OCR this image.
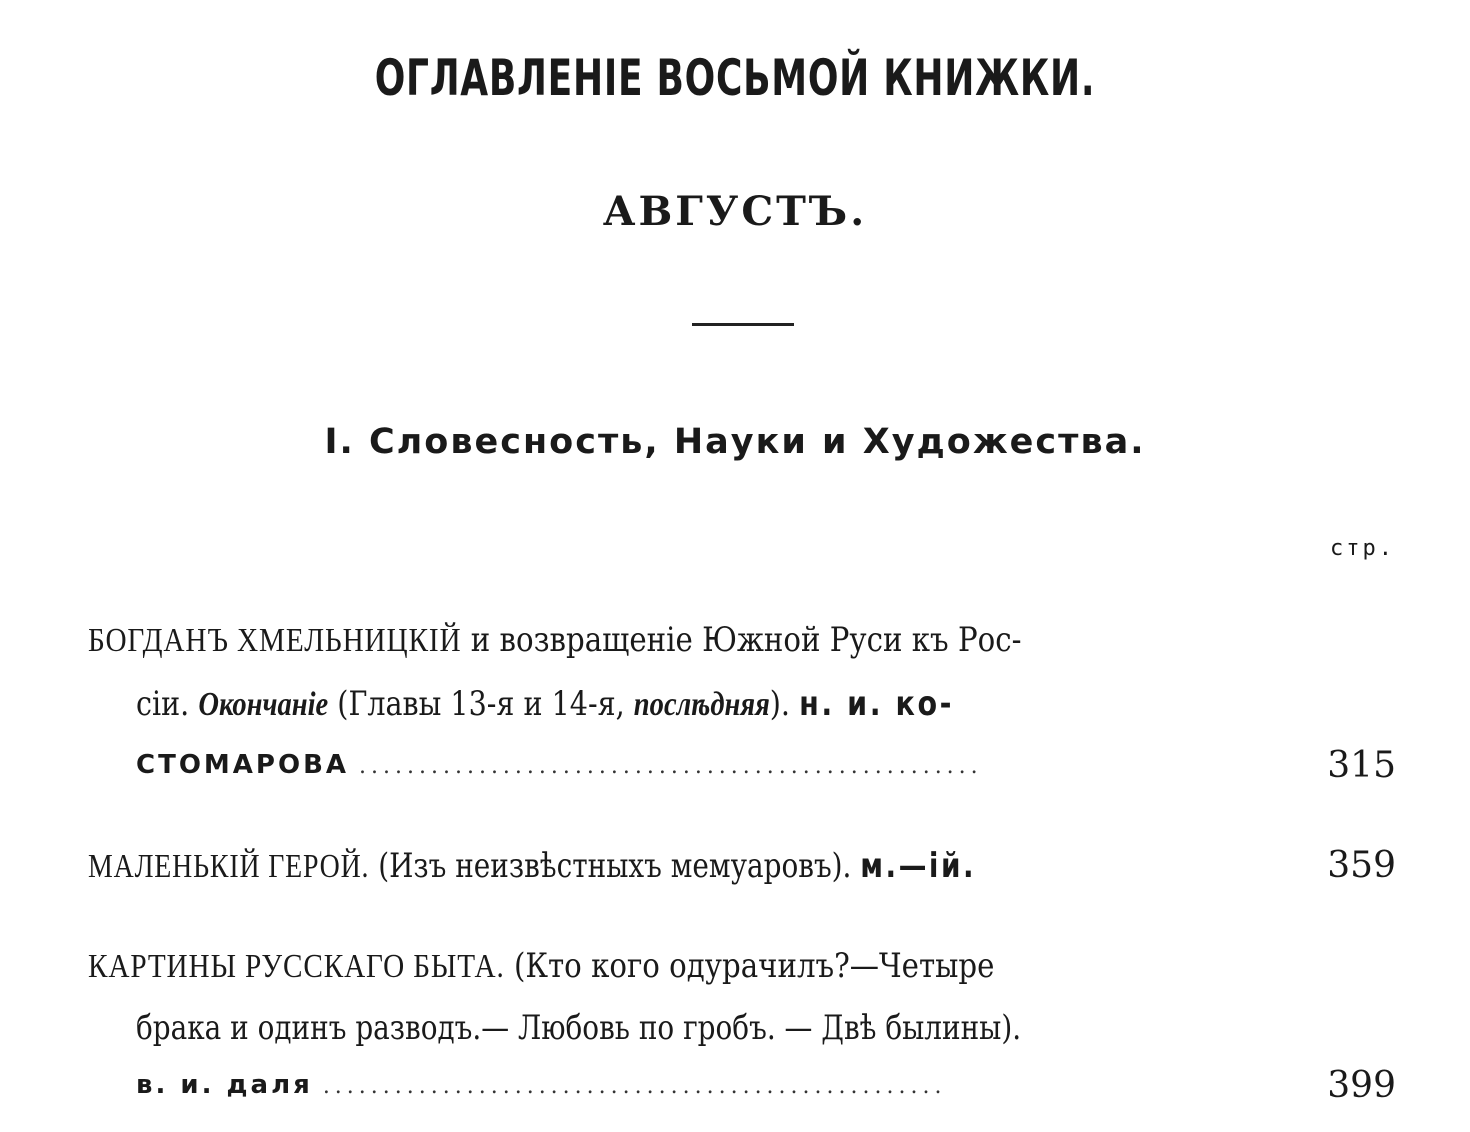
ОГЛАВЛЕНІЕ ВОСЬМОЙ КНИЖКИ.
АВГУСТЪ.
I. Словесность, Науки и Художества.
стр.
БОГДАНЪ ХМЕЛЬНИЦКІЙ и возвращеніе Южной Руси къ Рос-
сіи. Окончаніе (Главы 13-я и 14-я, послѣдняя). н. и. ко-
СТОМАРОВА ....................................................	315
МАЛЕНЬКІЙ ГЕРОЙ. (Изъ неизвѣстныхъ мемуаровъ). м.—ій.	359
КАРТИНЫ РУССКАГО БЫТА. (Кто кого одурачилъ?—Четыре
брака и одинъ разводъ.— Любовь по гробъ. — Двѣ былины).
в. и. даля ....................................................	399
